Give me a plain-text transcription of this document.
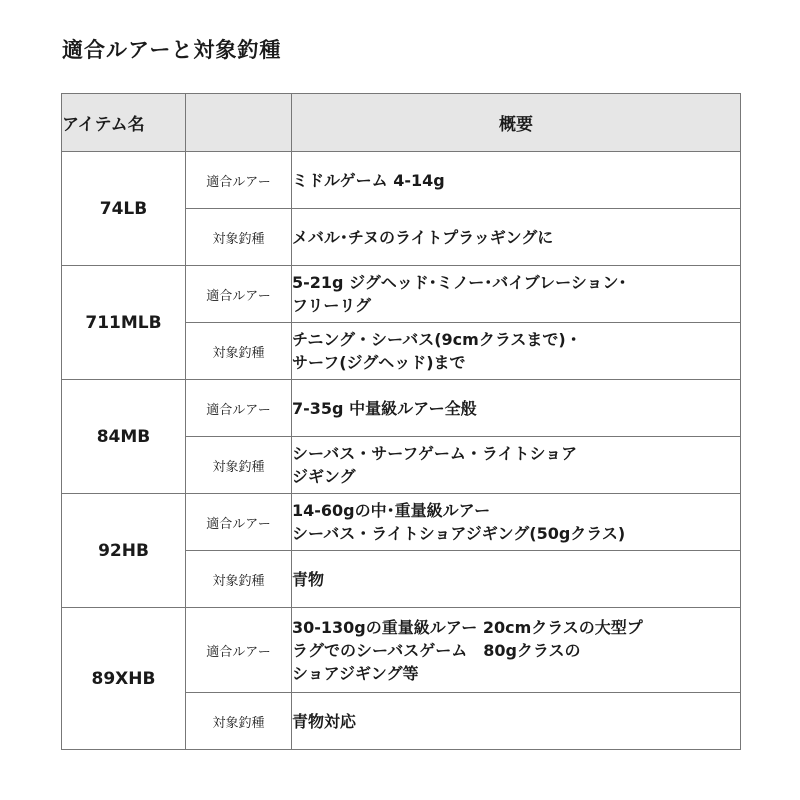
適合ルアーと対象釣種
アイテム名		概要
74LB	適合ルアー	ミドルゲーム 4-14g
	対象釣種	メバル･チヌのライトプラッギングに
711MLB	適合ルアー	5-21g ジグヘッド･ミノー･バイブレーション･
フリーリグ
	対象釣種	チニング・シーバス(9cmクラスまで)・
サーフ(ジグヘッド)まで
84MB	適合ルアー	7-35g 中量級ルアー全般
	対象釣種	シーバス・サーフゲーム・ライトショア
ジギング
92HB	適合ルアー	14-60gの中･重量級ルアー
シーバス・ライトショアジギング(50gクラス)
	対象釣種	青物
89XHB	適合ルアー	30-130gの重量級ルアー 20cmクラスの大型プ
ラグでのシーバスゲーム　80gクラスの
ショアジギング等
	対象釣種	青物対応
